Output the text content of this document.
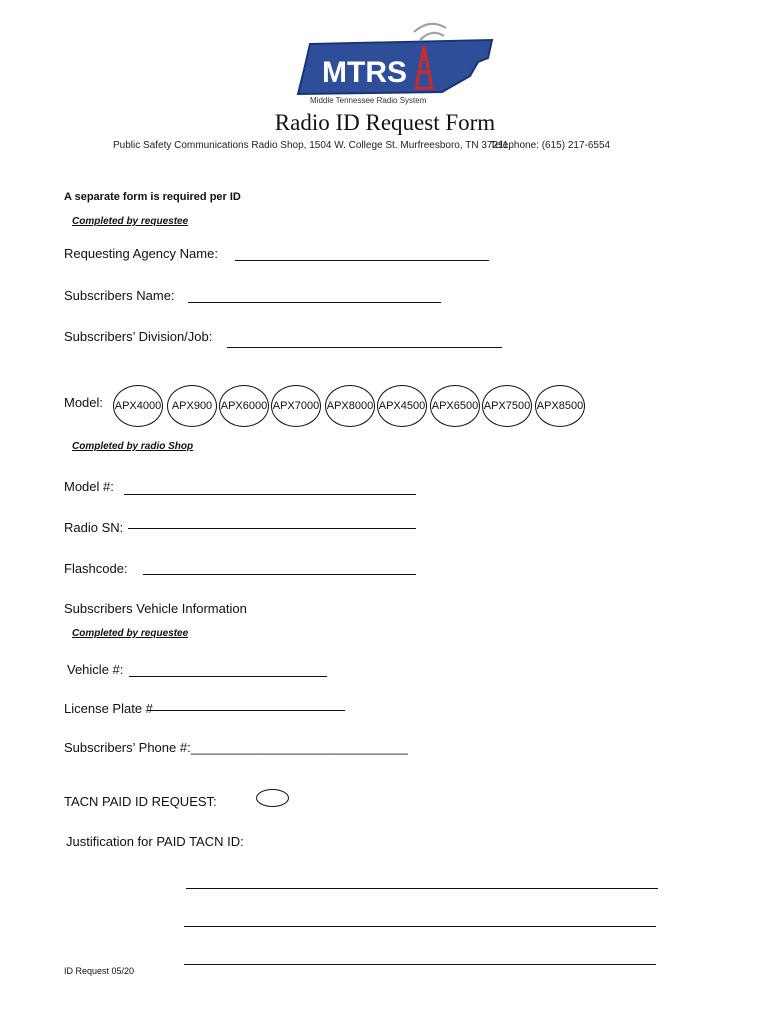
MTRS
Middle Tennessee Radio System
Radio ID Request Form
Public Safety Communications Radio Shop, 1504 W. College St. Murfreesboro, TN 37211
Telephone: (615) 217-6554
A separate form is required per ID
Completed by requestee
Requesting Agency Name:
Subscribers Name:
Subscribers’ Division/Job:
Model: APX4000 APX900 APX6000 APX7000 APX8000 APX4500 APX6500 APX7500 APX8500
Completed by radio Shop
Model #:
Radio SN:
Flashcode:
Subscribers Vehicle Information
Completed by requestee
Vehicle #:
License Plate #
Subscribers’ Phone #: ______________________________
TACN PAID ID REQUEST:
Justification for PAID TACN ID:
ID Request 05/20
